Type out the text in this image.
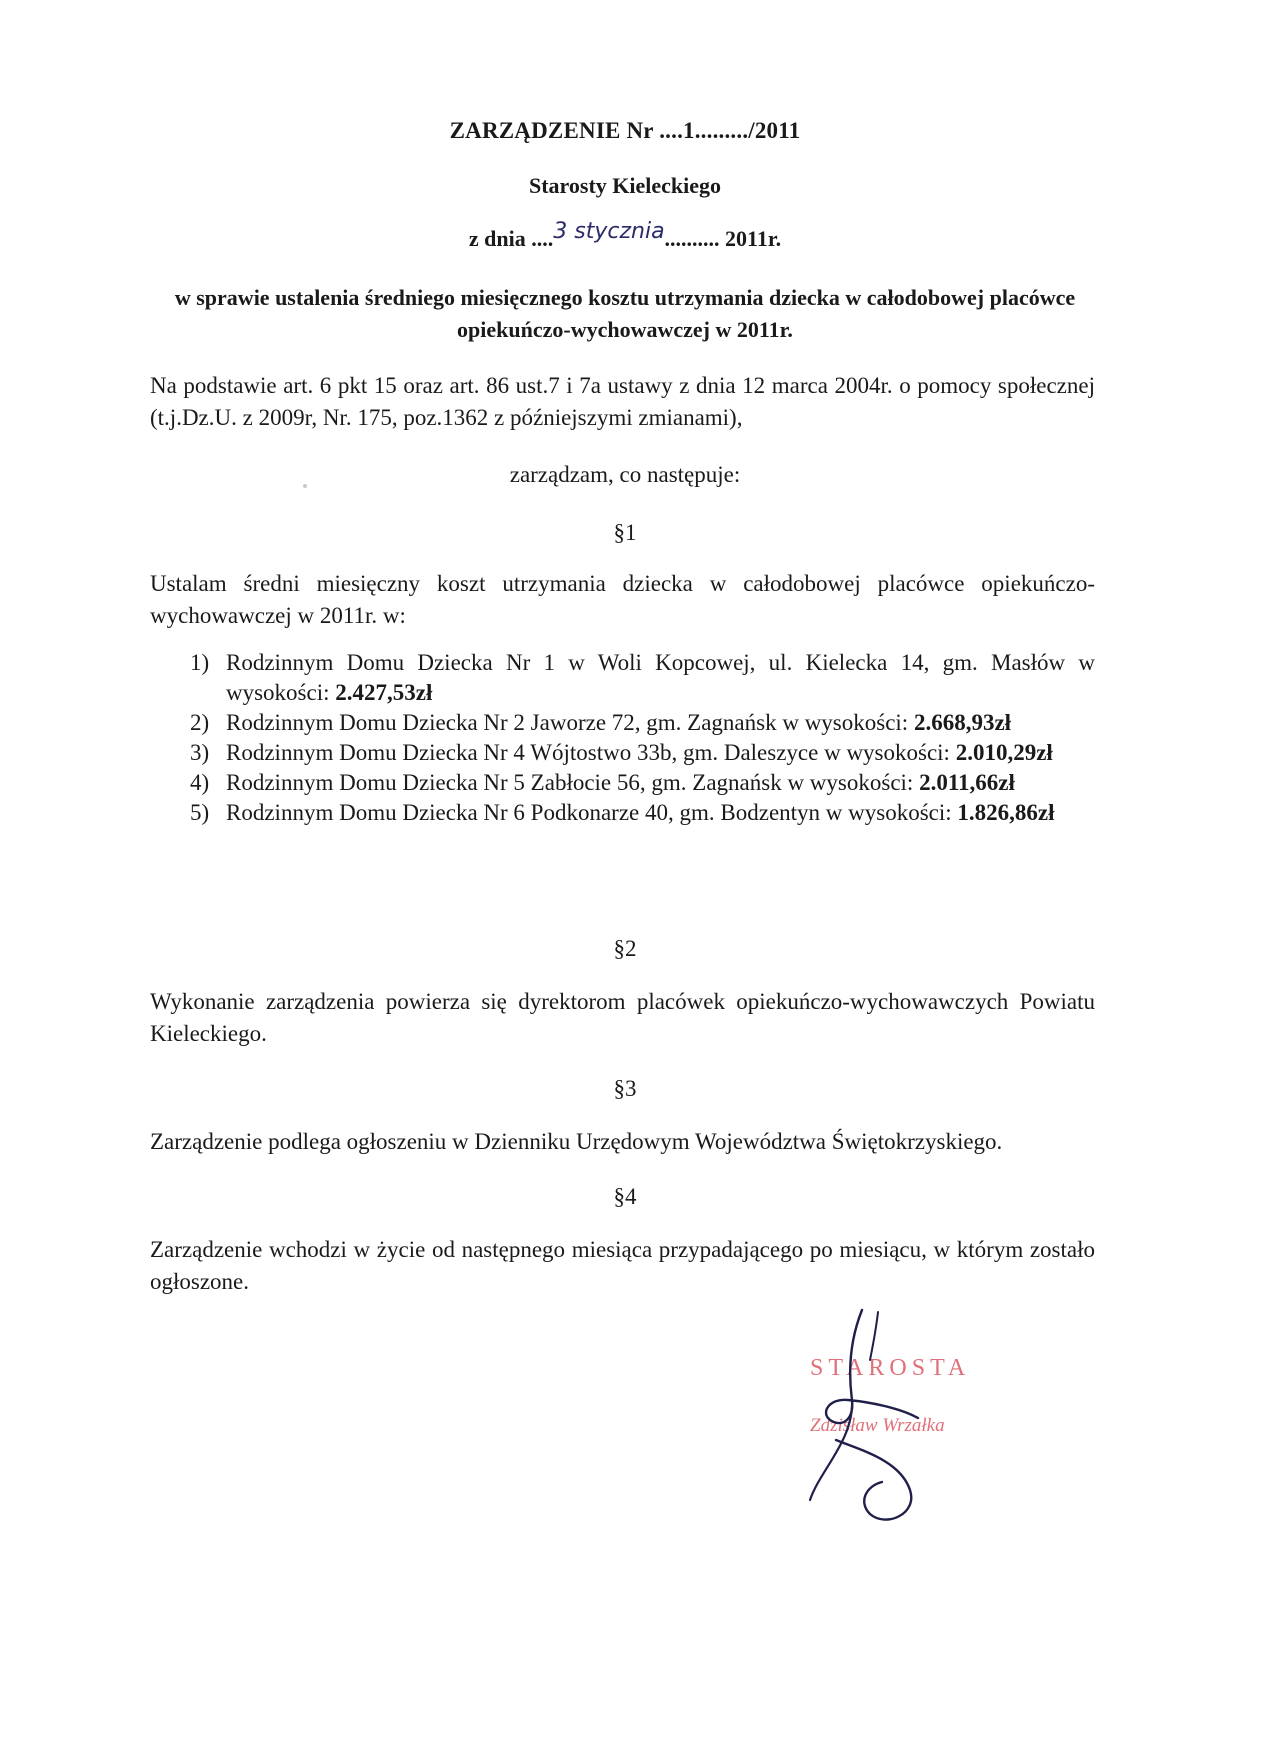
ZARZĄDZENIE Nr ....1........./2011
Starosty Kieleckiego
z dnia ....3 stycznia.......... 2011r.
w sprawie ustalenia średniego miesięcznego kosztu utrzymania dziecka w całodobowej placówce opiekuńczo-wychowawczej w 2011r.
Na podstawie art. 6 pkt 15 oraz art. 86 ust.7 i 7a ustawy z dnia 12 marca 2004r. o pomocy społecznej (t.j.Dz.U. z 2009r, Nr. 175, poz.1362 z późniejszymi zmianami),
zarządzam, co następuje:
§1
Ustalam średni miesięczny koszt utrzymania dziecka w całodobowej placówce opiekuńczo-wychowawczej w 2011r. w:
1) Rodzinnym Domu Dziecka Nr 1 w Woli Kopcowej, ul. Kielecka 14, gm. Masłów w wysokości: 2.427,53zł
2) Rodzinnym Domu Dziecka Nr 2 Jaworze 72, gm. Zagnańsk w wysokości: 2.668,93zł
3) Rodzinnym Domu Dziecka Nr 4 Wójtostwo 33b, gm. Daleszyce w wysokości: 2.010,29zł
4) Rodzinnym Domu Dziecka Nr 5 Zabłocie 56, gm. Zagnańsk w wysokości: 2.011,66zł
5) Rodzinnym Domu Dziecka Nr 6 Podkonarze 40, gm. Bodzentyn w wysokości: 1.826,86zł
§2
Wykonanie zarządzenia powierza się dyrektorom placówek opiekuńczo-wychowawczych Powiatu Kieleckiego.
§3
Zarządzenie podlega ogłoszeniu w Dzienniku Urzędowym Województwa Świętokrzyskiego.
§4
Zarządzenie wchodzi w życie od następnego miesiąca przypadającego po miesiącu, w którym zostało ogłoszone.
STAROSTA
Zdzisław Wrzałka
